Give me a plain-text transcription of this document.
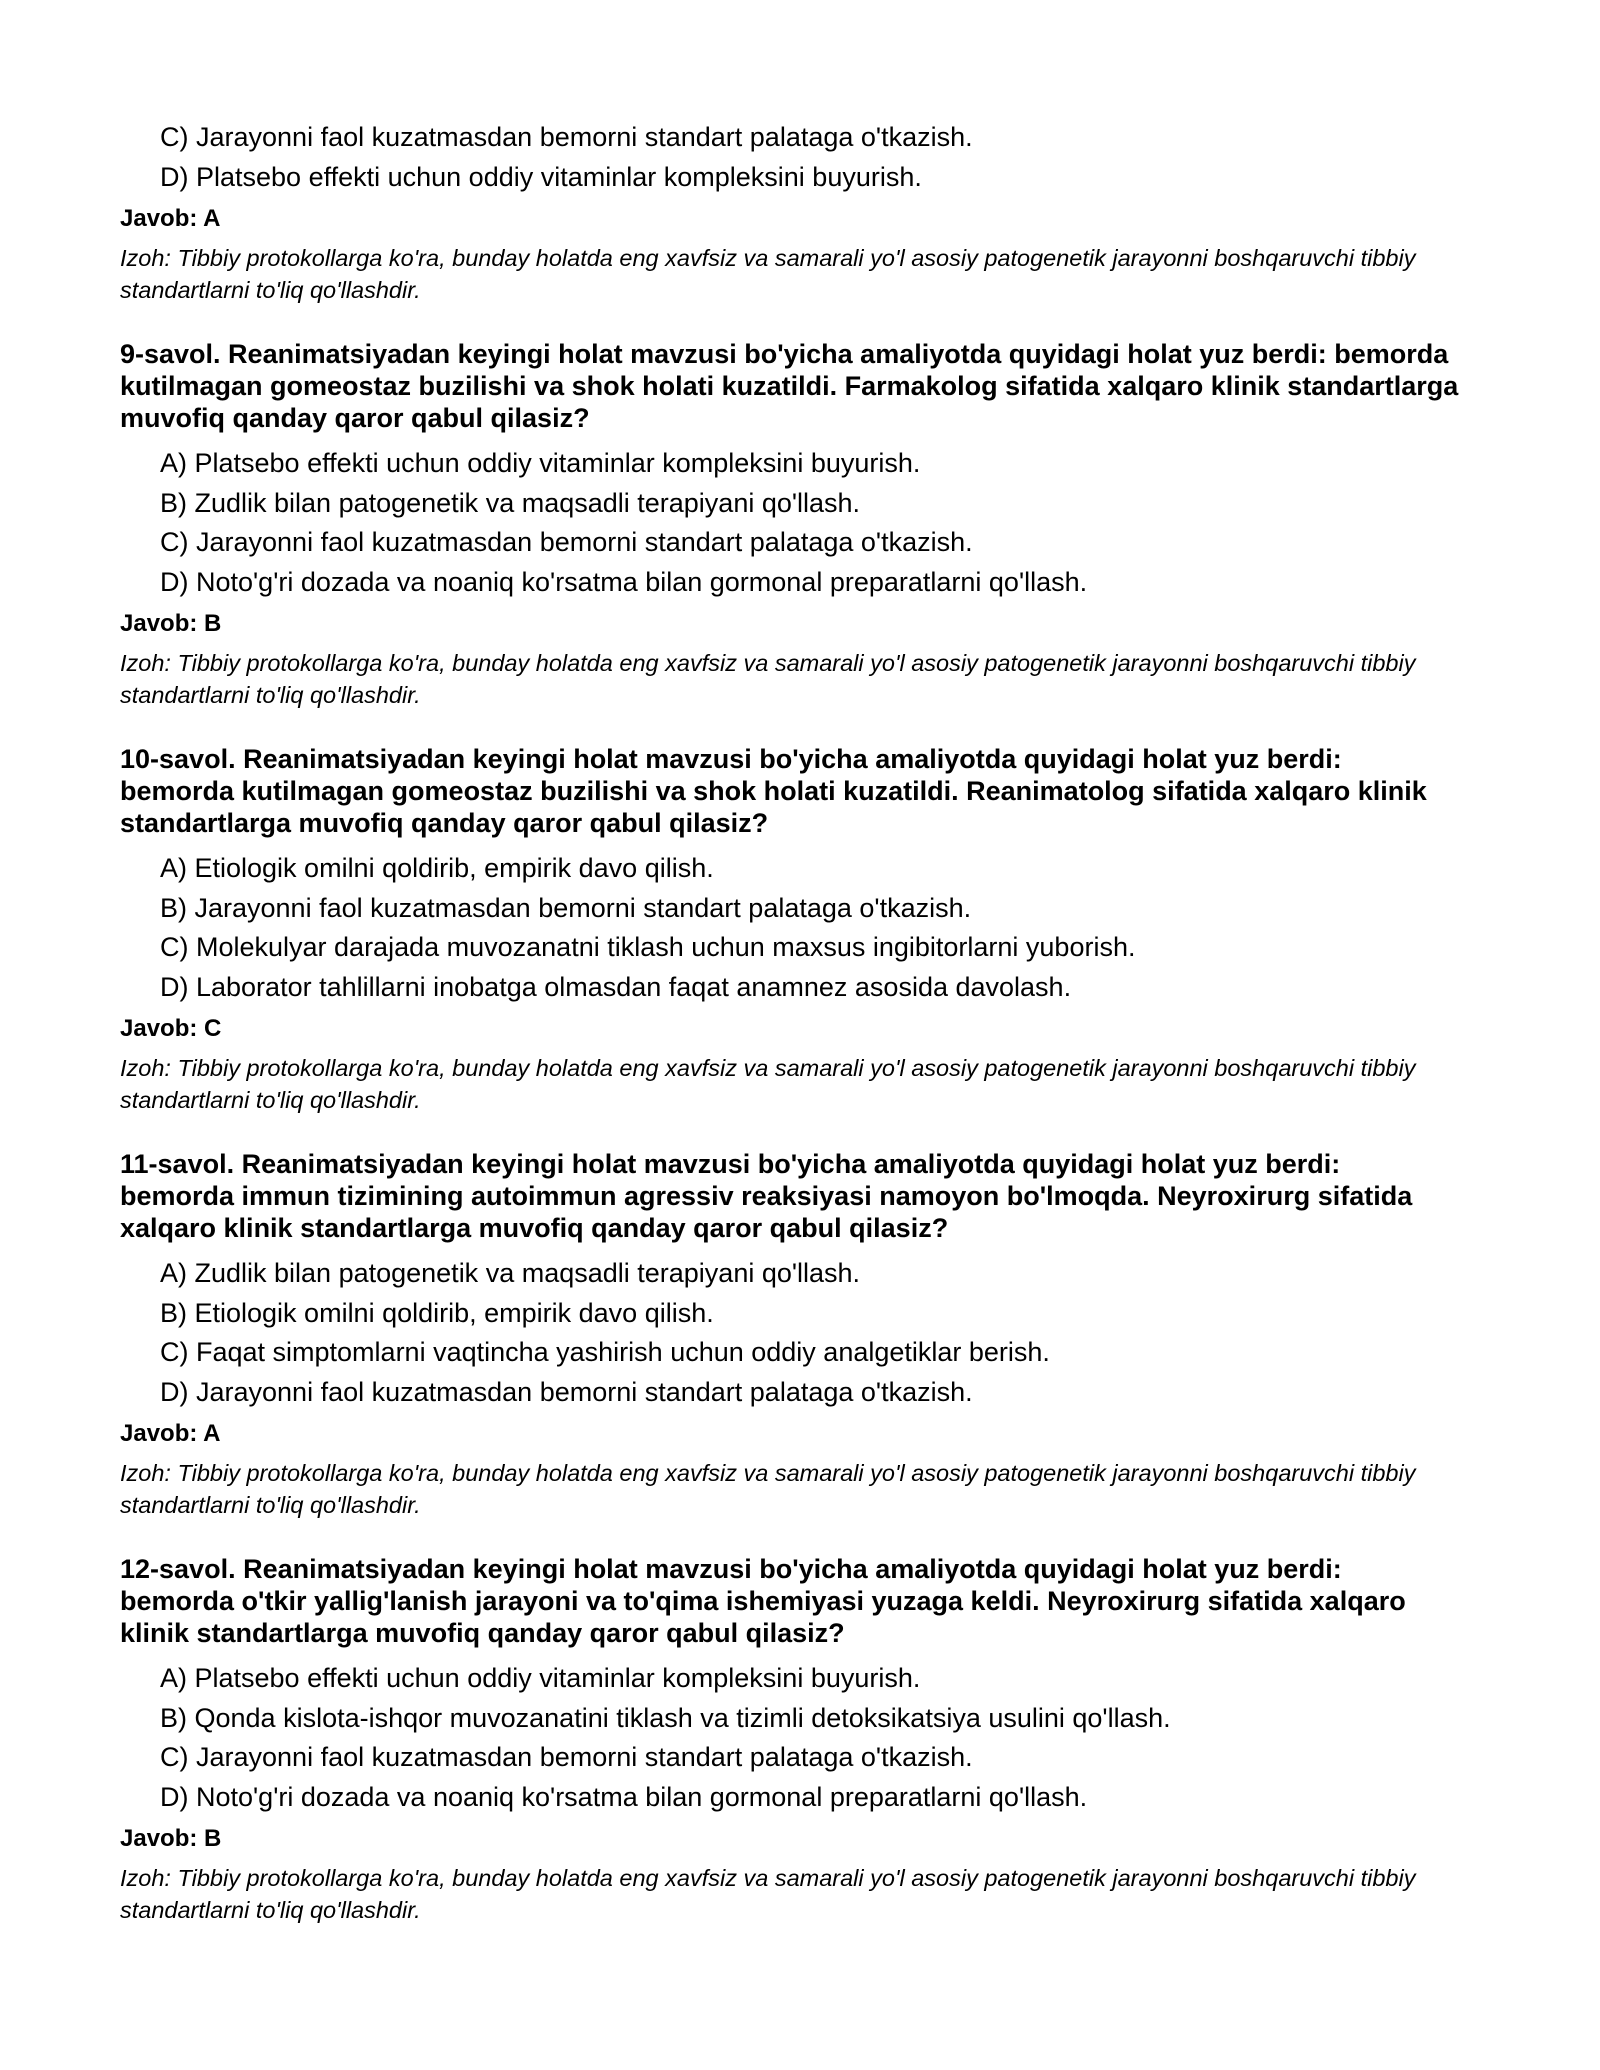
C) Jarayonni faol kuzatmasdan bemorni standart palataga o'tkazish.
D) Platsebo effekti uchun oddiy vitaminlar kompleksini buyurish.
Javob: A
Izoh: Tibbiy protokollarga ko'ra, bunday holatda eng xavfsiz va samarali yo'l asosiy patogenetik jarayonni boshqaruvchi tibbiy standartlarni to'liq qo'llashdir.
9-savol. Reanimatsiyadan keyingi holat mavzusi bo'yicha amaliyotda quyidagi holat yuz berdi: bemorda kutilmagan gomeostaz buzilishi va shok holati kuzatildi. Farmakolog sifatida xalqaro klinik standartlarga muvofiq qanday qaror qabul qilasiz?
A) Platsebo effekti uchun oddiy vitaminlar kompleksini buyurish.
B) Zudlik bilan patogenetik va maqsadli terapiyani qo'llash.
C) Jarayonni faol kuzatmasdan bemorni standart palataga o'tkazish.
D) Noto'g'ri dozada va noaniq ko'rsatma bilan gormonal preparatlarni qo'llash.
Javob: B
Izoh: Tibbiy protokollarga ko'ra, bunday holatda eng xavfsiz va samarali yo'l asosiy patogenetik jarayonni boshqaruvchi tibbiy standartlarni to'liq qo'llashdir.
10-savol. Reanimatsiyadan keyingi holat mavzusi bo'yicha amaliyotda quyidagi holat yuz berdi: bemorda kutilmagan gomeostaz buzilishi va shok holati kuzatildi. Reanimatolog sifatida xalqaro klinik standartlarga muvofiq qanday qaror qabul qilasiz?
A) Etiologik omilni qoldirib, empirik davo qilish.
B) Jarayonni faol kuzatmasdan bemorni standart palataga o'tkazish.
C) Molekulyar darajada muvozanatni tiklash uchun maxsus ingibitorlarni yuborish.
D) Laborator tahlillarni inobatga olmasdan faqat anamnez asosida davolash.
Javob: C
Izoh: Tibbiy protokollarga ko'ra, bunday holatda eng xavfsiz va samarali yo'l asosiy patogenetik jarayonni boshqaruvchi tibbiy standartlarni to'liq qo'llashdir.
11-savol. Reanimatsiyadan keyingi holat mavzusi bo'yicha amaliyotda quyidagi holat yuz berdi: bemorda immun tizimining autoimmun agressiv reaksiyasi namoyon bo'lmoqda. Neyroxirurg sifatida xalqaro klinik standartlarga muvofiq qanday qaror qabul qilasiz?
A) Zudlik bilan patogenetik va maqsadli terapiyani qo'llash.
B) Etiologik omilni qoldirib, empirik davo qilish.
C) Faqat simptomlarni vaqtincha yashirish uchun oddiy analgetiklar berish.
D) Jarayonni faol kuzatmasdan bemorni standart palataga o'tkazish.
Javob: A
Izoh: Tibbiy protokollarga ko'ra, bunday holatda eng xavfsiz va samarali yo'l asosiy patogenetik jarayonni boshqaruvchi tibbiy standartlarni to'liq qo'llashdir.
12-savol. Reanimatsiyadan keyingi holat mavzusi bo'yicha amaliyotda quyidagi holat yuz berdi: bemorda o'tkir yallig'lanish jarayoni va to'qima ishemiyasi yuzaga keldi. Neyroxirurg sifatida xalqaro klinik standartlarga muvofiq qanday qaror qabul qilasiz?
A) Platsebo effekti uchun oddiy vitaminlar kompleksini buyurish.
B) Qonda kislota-ishqor muvozanatini tiklash va tizimli detoksikatsiya usulini qo'llash.
C) Jarayonni faol kuzatmasdan bemorni standart palataga o'tkazish.
D) Noto'g'ri dozada va noaniq ko'rsatma bilan gormonal preparatlarni qo'llash.
Javob: B
Izoh: Tibbiy protokollarga ko'ra, bunday holatda eng xavfsiz va samarali yo'l asosiy patogenetik jarayonni boshqaruvchi tibbiy standartlarni to'liq qo'llashdir.
